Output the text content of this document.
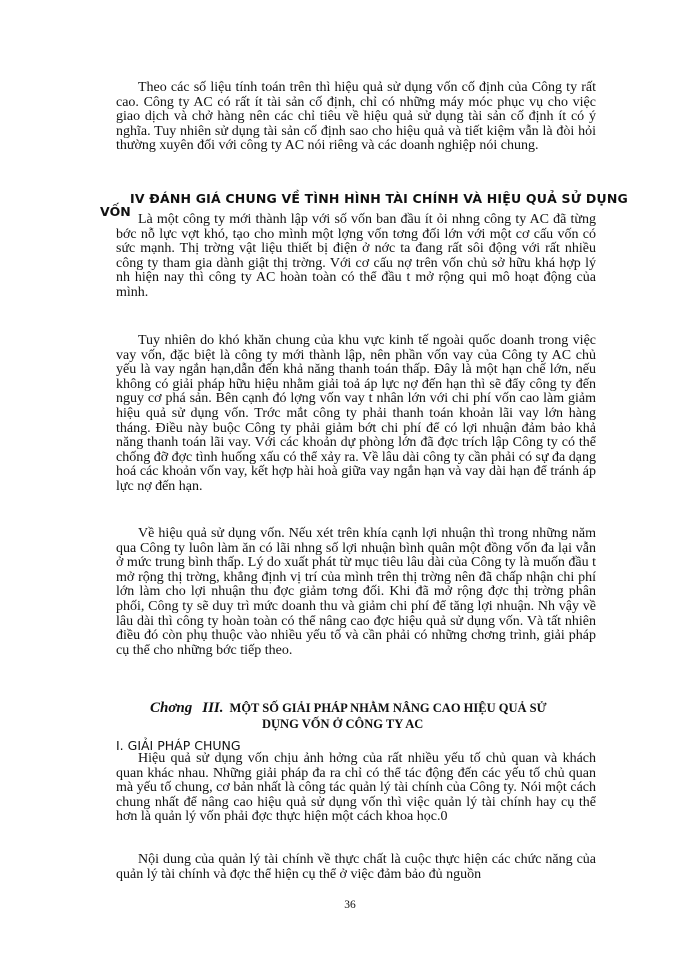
Theo các số liệu tính toán trên thì hiệu quả sử dụng vốn cố định của Công ty rất cao. Công ty AC có rất ít tài sản cố định, chỉ có những máy móc phục vụ cho việc giao dịch và chở hàng nên các chỉ tiêu về hiệu quả sử dụng tài sản cố định ít có ý nghĩa. Tuy nhiên sử dụng tài sản cố định sao cho hiệu quả và tiết kiệm vẫn là đòi hỏi thường xuyên đối với công ty AC nói riêng và các doanh nghiệp nói chung.

IV ĐÁNH GIÁ CHUNG VỀ TÌNH HÌNH TÀI CHÍNH VÀ HIỆU QUẢ SỬ DỤNG
VỐN

Là một công ty mới thành lập với số vốn ban đầu ít ỏi nhng công ty AC đã từng bớc nỗ lực vợt khó, tạo cho mình một lợng vốn tơng đối lớn với một cơ cấu vốn có sức mạnh. Thị trờng vật liệu thiết bị điện ở nớc ta đang rất sôi động với rất nhiều công ty tham gia dành giật thị trờng. Với cơ cấu nợ trên vốn chủ sở hữu khá hợp lý nh hiện nay thì công ty AC hoàn toàn có thể đầu t mở rộng qui mô hoạt động của mình.

Tuy nhiên do khó khăn chung của khu vực kinh tế ngoài quốc doanh trong việc vay vốn, đặc biệt là công ty mới thành lập, nên phần vốn vay của Công ty AC chủ yếu là vay ngắn hạn,dẫn đến khả năng thanh toán thấp. Đây là một hạn chế lớn, nếu không có giải pháp hữu hiệu nhằm giải toả áp lực nợ đến hạn thì sẽ đẩy công ty đến nguy cơ phá sản. Bên cạnh đó lợng vốn vay t nhân lớn với chi phí vốn cao làm giảm hiệu quả sử dụng vốn. Trớc mắt công ty phải thanh toán khoản lãi vay lớn hàng tháng. Điều này buộc Công ty phải giảm bớt chi phí để có lợi nhuận đảm bảo khả năng thanh toán lãi vay. Với các khoản dự phòng lớn đã đợc trích lập Công ty có thể chống đỡ đợc tình huống xấu có thể xảy ra. Về lâu dài công ty cần phải có sự đa dạng hoá các khoản vốn vay, kết hợp hài hoà giữa vay ngắn hạn và vay dài hạn để tránh áp lực nợ đến hạn.

Về hiệu quả sử dụng vốn. Nếu xét trên khía cạnh lợi nhuận thì trong những năm qua Công ty luôn làm ăn có lãi nhng số lợi nhuận bình quân một đồng vốn đa lại vẫn ở mức trung bình thấp. Lý do xuất phát từ mục tiêu lâu dài của Công ty là muốn đầu t mở rộng thị trờng, khẳng định vị trí của mình trên thị trờng nên đã chấp nhận chi phí lớn làm cho lợi nhuận thu đợc giảm tơng đối. Khi đã mở rộng đợc thị trờng phân phối, Công ty sẽ duy trì mức doanh thu và giảm chi phí để tăng lợi nhuận. Nh vậy về lâu dài thì công ty hoàn toàn có thể nâng cao đợc hiệu quả sử dụng vốn. Và tất nhiên điều đó còn phụ thuộc vào nhiều yếu tố và cần phải có những chơng trình, giải pháp cụ thể cho những bớc tiếp theo.

Chơng III. MỘT SỐ GIẢI PHÁP NHẰM NÂNG CAO HIỆU QUẢ SỬ
DỤNG VỐN Ở CÔNG TY AC
I. GIẢI PHÁP CHUNG

Hiệu quả sử dụng vốn chịu ảnh hởng của rất nhiều yếu tố chủ quan và khách quan khác nhau. Những giải pháp đa ra chỉ có thể tác động đến các yếu tố chủ quan mà yếu tố chung, cơ bản nhất là công tác quản lý tài chính của Công ty. Nói một cách chung nhất để nâng cao hiệu quả sử dụng vốn thì việc quản lý tài chính hay cụ thể hơn là quản lý vốn phải đợc thực hiện một cách khoa học.0

Nội dung của quản lý tài chính về thực chất là cuộc thực hiện các chức năng của quản lý tài chính và đợc thể hiện cụ thể ở việc đảm bảo đủ nguồn

36
